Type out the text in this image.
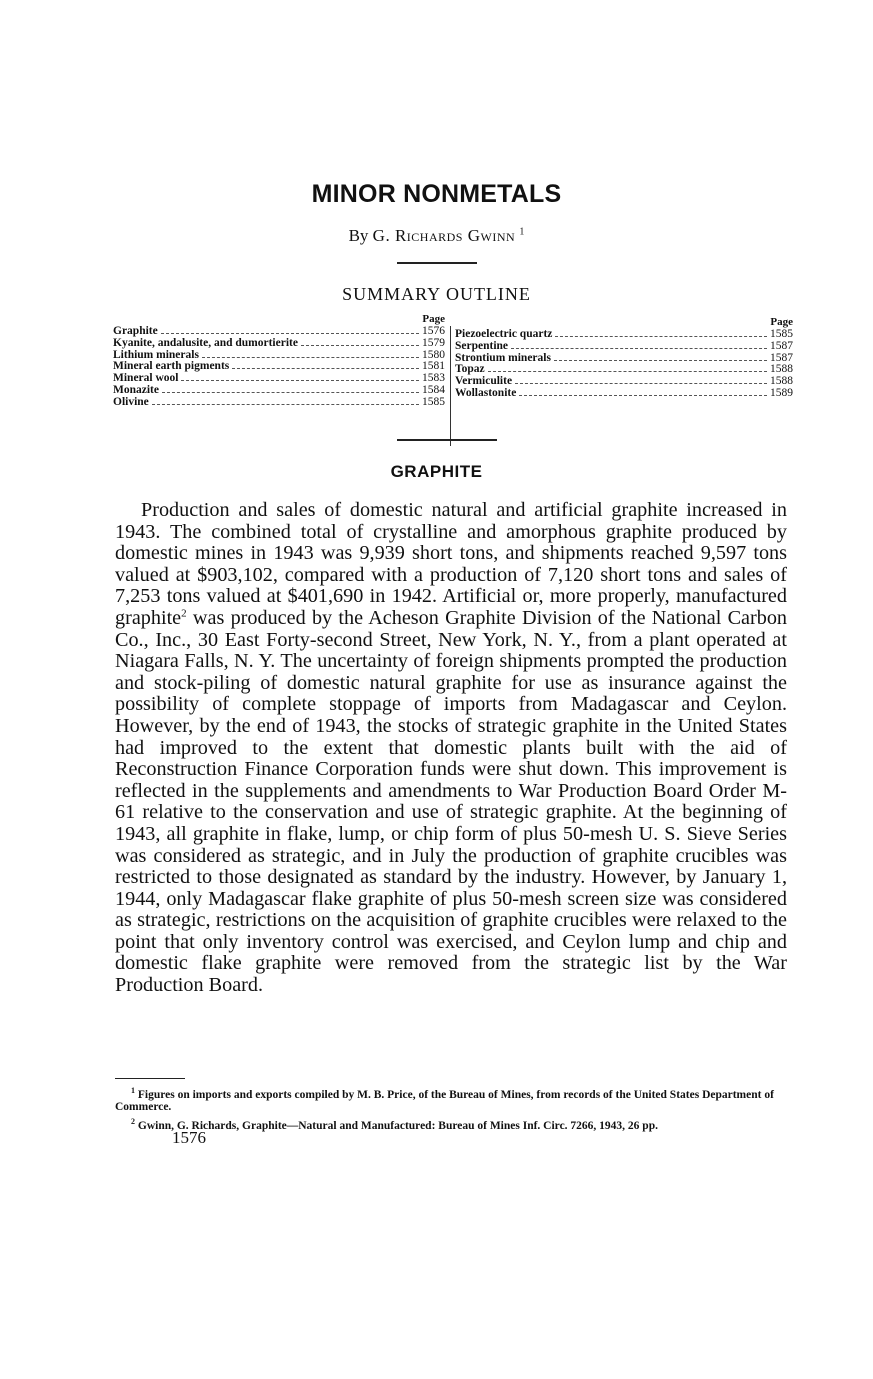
MINOR NONMETALS
By G. Richards Gwinn $^1$
SUMMARY OUTLINE
Page
Graphite	1576
Kyanite, andalusite, and dumortierite	1579
Lithium minerals	1580
Mineral earth pigments	1581
Mineral wool	1583
Monazite	1584
Olivine	1585
Page
Piezoelectric quartz	1585
Serpentine	1587
Strontium minerals	1587
Topaz	1588
Vermiculite	1588
Wollastonite	1589
GRAPHITE

Production and sales of domestic natural and artificial graphite increased in 1943. The combined total of crystalline and amorphous graphite produced by domestic mines in 1943 was 9,939 short tons, and shipments reached 9,597 tons valued at $903,102, compared with a production of 7,120 short tons and sales of 7,253 tons valued at $401,690 in 1942. Artificial or, more properly, manufactured graphite$^2$ was produced by the Acheson Graphite Division of the National Carbon Co., Inc., 30 East Forty-second Street, New York, N. Y., from a plant operated at Niagara Falls, N. Y. The uncertainty of foreign shipments prompted the production and stock-piling of domestic natural graphite for use as insurance against the possibility of complete stoppage of imports from Madagascar and Ceylon. However, by the end of 1943, the stocks of strategic graphite in the United States had improved to the extent that domestic plants built with the aid of Reconstruction Finance Corporation funds were shut down. This improvement is reflected in the supplements and amendments to War Production Board Order M-61 relative to the conservation and use of strategic graphite. At the beginning of 1943, all graphite in flake, lump, or chip form of plus 50-mesh U. S. Sieve Series was considered as strategic, and in July the production of graphite crucibles was restricted to those designated as standard by the industry. However, by January 1, 1944, only Madagascar flake graphite of plus 50-mesh screen size was considered as strategic, restrictions on the acquisition of graphite crucibles were relaxed to the point that only inventory control was exercised, and Ceylon lump and chip and domestic flake graphite were removed from the strategic list by the War Production Board.

$^1$ Figures on imports and exports compiled by M. B. Price, of the Bureau of Mines, from records of the United States Department of Commerce.

$^2$ Gwinn, G. Richards, Graphite—Natural and Manufactured: Bureau of Mines Inf. Circ. 7266, 1943, 26 pp.

1576
